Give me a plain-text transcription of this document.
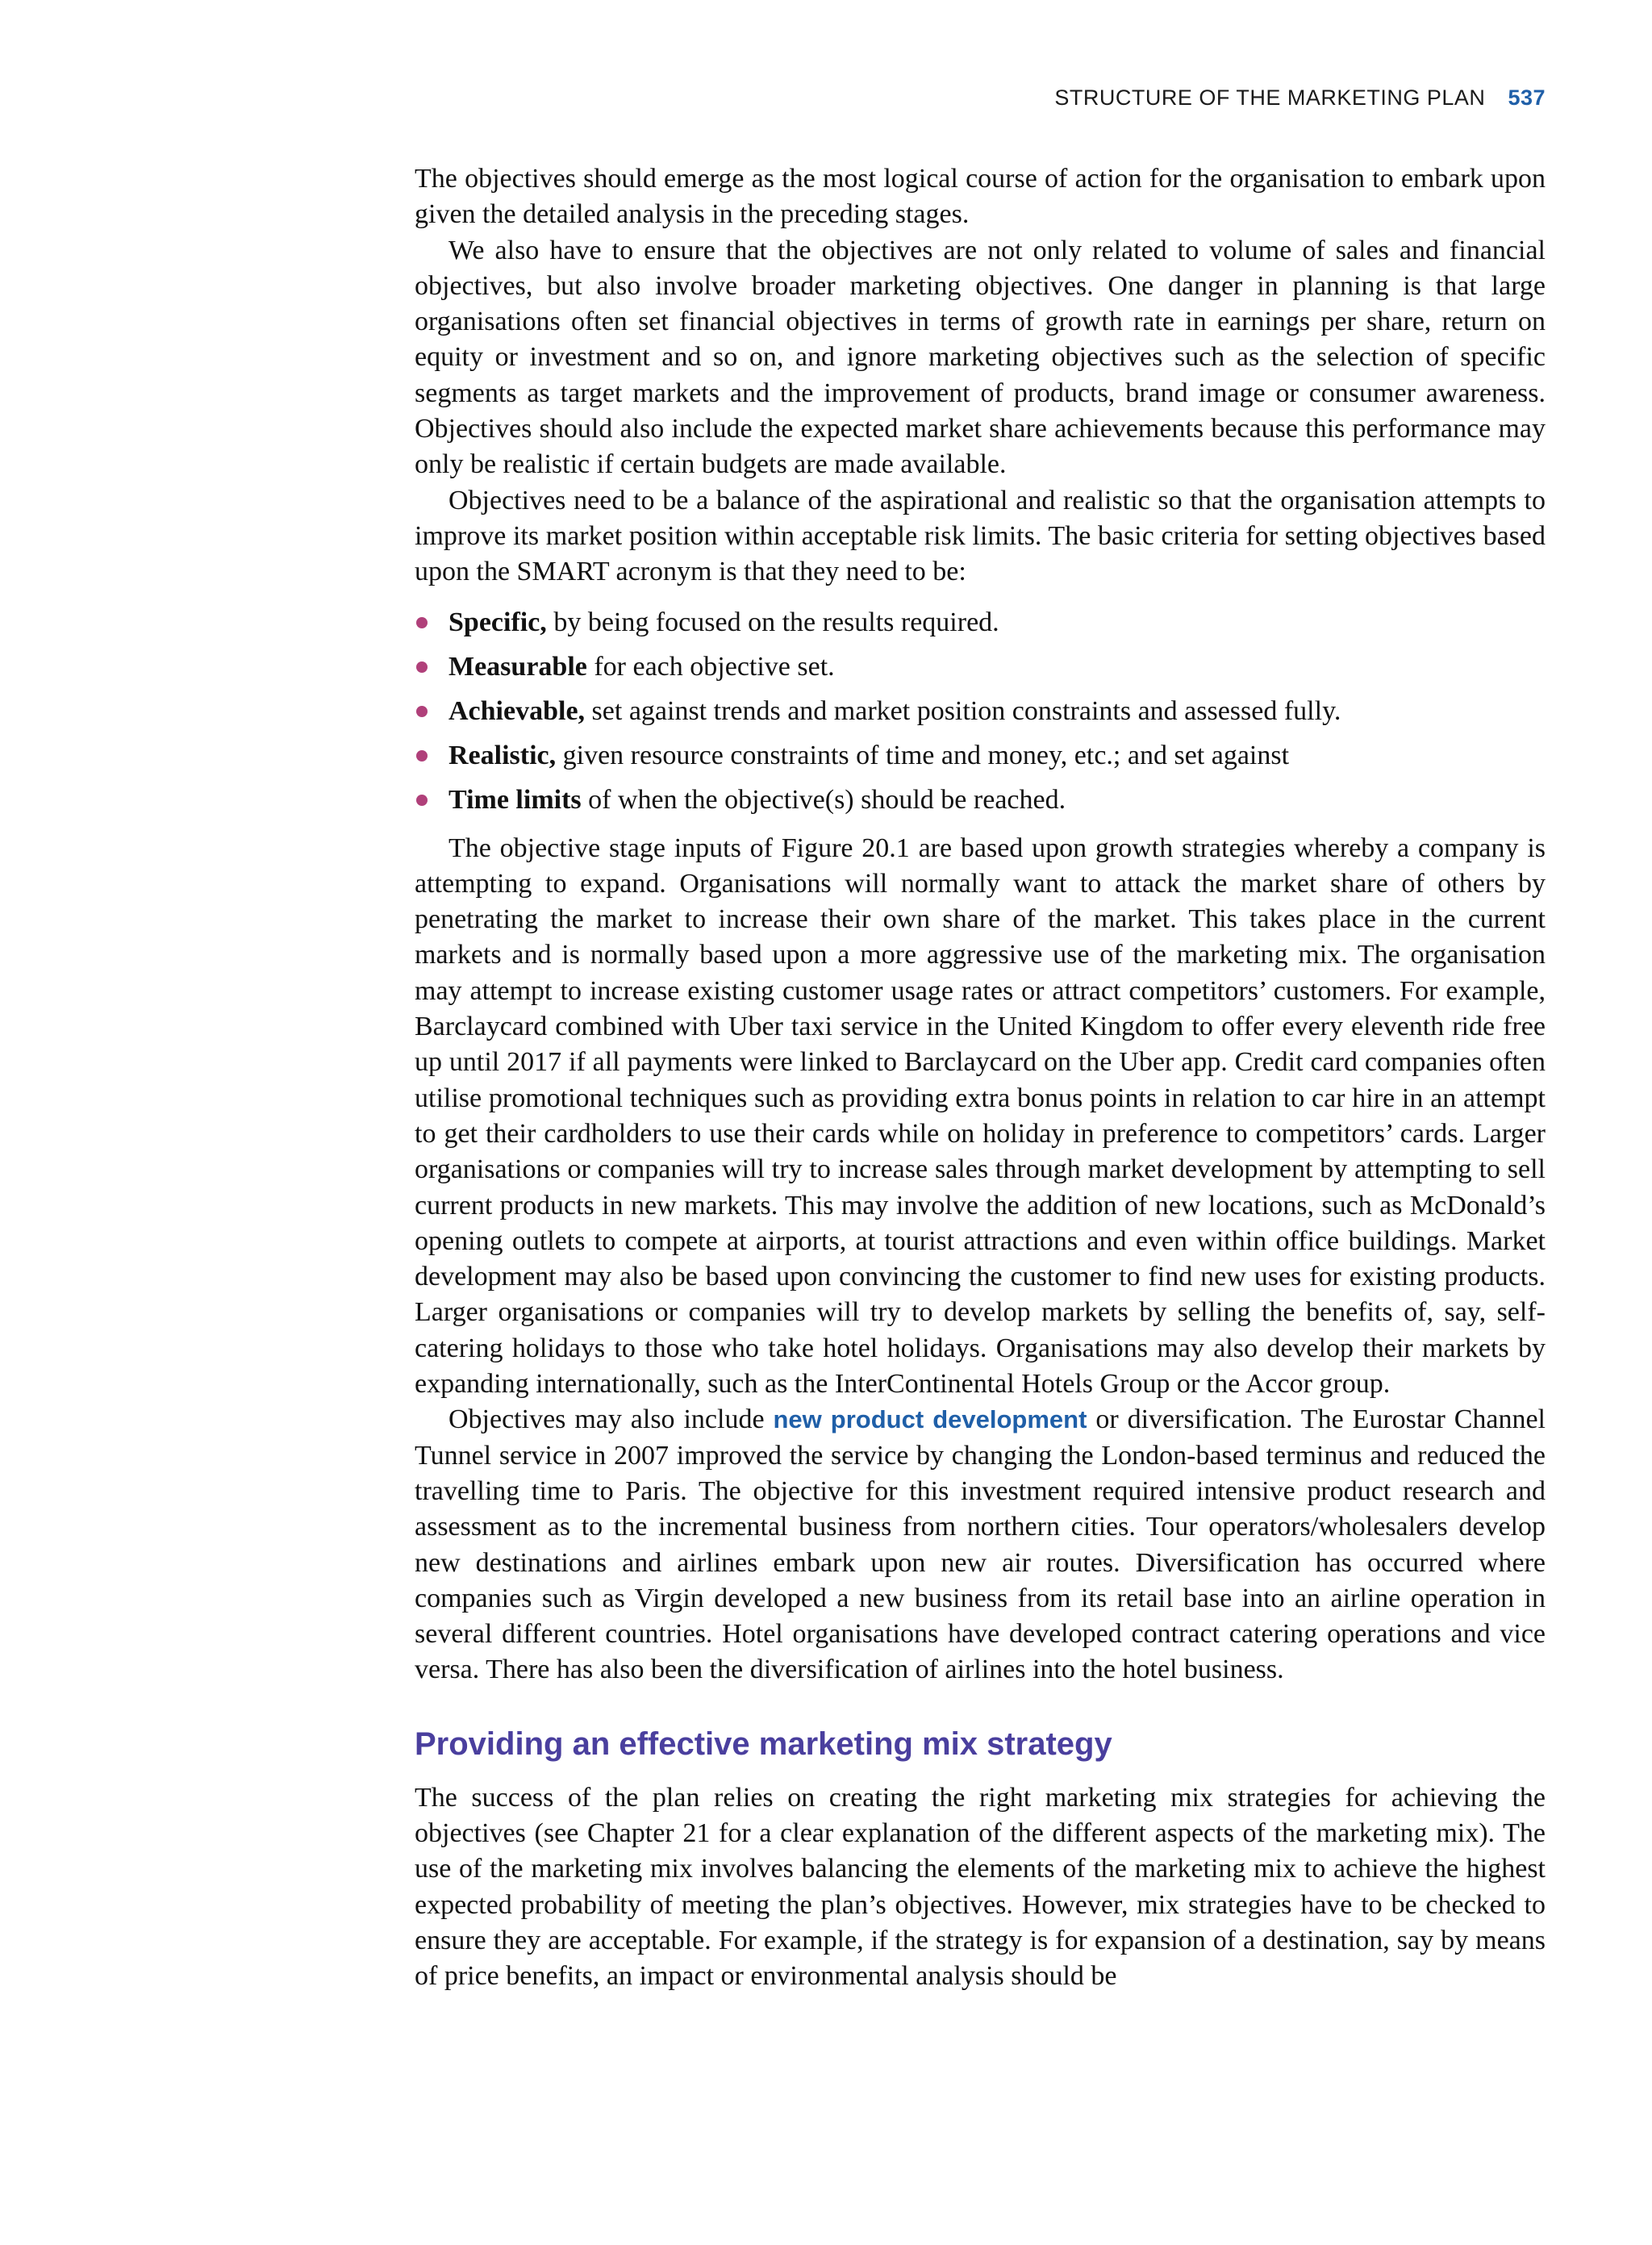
STRUCTURE OF THE MARKETING PLAN 537

The objectives should emerge as the most logical course of action for the organisation to embark upon given the detailed analysis in the preceding stages.

We also have to ensure that the objectives are not only related to volume of sales and financial objectives, but also involve broader marketing objectives. One danger in planning is that large organisations often set financial objectives in terms of growth rate in earnings per share, return on equity or investment and so on, and ignore marketing objectives such as the selection of specific segments as target markets and the improvement of products, brand image or consumer awareness. Objectives should also include the expected market share achievements because this performance may only be realistic if certain budgets are made available.

Objectives need to be a balance of the aspirational and realistic so that the organisation attempts to improve its market position within acceptable risk limits. The basic criteria for setting objectives based upon the SMART acronym is that they need to be:

Specific, by being focused on the results required.
Measurable for each objective set.
Achievable, set against trends and market position constraints and assessed fully.
Realistic, given resource constraints of time and money, etc.; and set against
Time limits of when the objective(s) should be reached.

The objective stage inputs of Figure 20.1 are based upon growth strategies whereby a company is attempting to expand. Organisations will normally want to attack the market share of others by penetrating the market to increase their own share of the market. This takes place in the current markets and is normally based upon a more aggressive use of the marketing mix. The organisation may attempt to increase existing customer usage rates or attract competitors’ customers. For example, Barclaycard combined with Uber taxi service in the United Kingdom to offer every eleventh ride free up until 2017 if all payments were linked to Barclaycard on the Uber app. Credit card companies often utilise promotional techniques such as providing extra bonus points in relation to car hire in an attempt to get their cardholders to use their cards while on holiday in preference to competitors’ cards. Larger organisations or companies will try to increase sales through market development by attempting to sell current products in new markets. This may involve the addition of new locations, such as McDonald’s opening outlets to compete at airports, at tourist attractions and even within office buildings. Market development may also be based upon convincing the customer to find new uses for existing products. Larger organisations or companies will try to develop markets by selling the benefits of, say, self-catering holidays to those who take hotel holidays. Organisations may also develop their markets by expanding internationally, such as the InterContinental Hotels Group or the Accor group.

Objectives may also include new product development or diversification. The Eurostar Channel Tunnel service in 2007 improved the service by changing the London-based terminus and reduced the travelling time to Paris. The objective for this investment required intensive product research and assessment as to the incremental business from northern cities. Tour operators/wholesalers develop new destinations and airlines embark upon new air routes. Diversification has occurred where companies such as Virgin developed a new business from its retail base into an airline operation in several different countries. Hotel organisations have developed contract catering operations and vice versa. There has also been the diversification of airlines into the hotel business.

Providing an effective marketing mix strategy

The success of the plan relies on creating the right marketing mix strategies for achieving the objectives (see Chapter 21 for a clear explanation of the different aspects of the marketing mix). The use of the marketing mix involves balancing the elements of the marketing mix to achieve the highest expected probability of meeting the plan’s objectives. However, mix strategies have to be checked to ensure they are acceptable. For example, if the strategy is for expansion of a destination, say by means of price benefits, an impact or environmental analysis should be
